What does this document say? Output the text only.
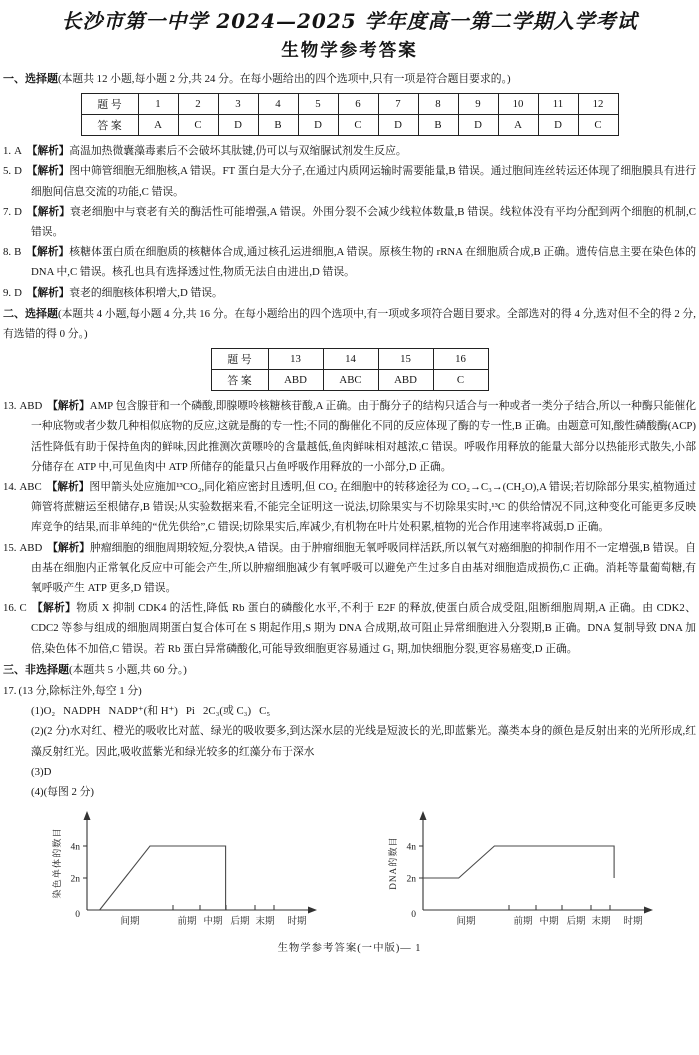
长沙市第一中学 2024—2025 学年度高一第二学期入学考试
生物学参考答案

一、选择题(本题共 12 小题,每小题 2 分,共 24 分。在每小题给出的四个选项中,只有一项是符合题目要求的。)

题 号	1	2	3	4	5	6	7	8	9	10	11	12
答 案	A	C	D	B	D	C	D	B	D	A	D	C

1. A 【解析】高温加热微囊藻毒素后不会破坏其肽键,仍可以与双缩脲试剂发生反应。

5. D 【解析】图中筛管细胞无细胞核,A 错误。FT 蛋白是大分子,在通过内质网运输时需要能量,B 错误。通过胞间连丝转运还体现了细胞膜具有进行细胞间信息交流的功能,C 错误。

7. D 【解析】衰老细胞中与衰老有关的酶活性可能增强,A 错误。外围分裂不会减少线粒体数量,B 错误。线粒体没有平均分配到两个细胞的机制,C 错误。

8. B 【解析】核糖体蛋白质在细胞质的核糖体合成,通过核孔运进细胞,A 错误。原核生物的 rRNA 在细胞质合成,B 正确。遗传信息主要在染色体的 DNA 中,C 错误。核孔也具有选择透过性,物质无法自由进出,D 错误。

9. D 【解析】衰老的细胞核体积增大,D 错误。

二、选择题(本题共 4 小题,每小题 4 分,共 16 分。在每小题给出的四个选项中,有一项或多项符合题目要求。全部选对的得 4 分,选对但不全的得 2 分,有选错的得 0 分。)

题 号	13	14	15	16
答 案	ABD	ABC	ABD	C

13. ABD 【解析】AMP 包含腺苷和一个磷酸,即腺嘌呤核糖核苷酸,A 正确。由于酶分子的结构只适合与一种或者一类分子结合,所以一种酶只能催化一种底物或者少数几种相似底物的反应,这就是酶的专一性;不同的酶催化不同的反应体现了酶的专一性,B 正确。由题意可知,酸性磷酸酶(ACP)活性降低有助于保持鱼肉的鲜味,因此推测次黄嘌呤的含量越低,鱼肉鲜味相对越浓,C 错误。呼吸作用释放的能量大部分以热能形式散失,小部分储存在 ATP 中,可见鱼肉中 ATP 所储存的能量只占鱼呼吸作用释放的一小部分,D 正确。

14. ABC 【解析】图甲箭头处应施加¹³CO₂,同化箱应密封且透明,但 CO₂ 在细胞中的转移途径为 CO₂→C₃→(CH₂O),A 错误;若切除部分果实,植物通过筛管将蔗糖运至根储存,B 错误;从实验数据来看,不能完全证明这一说法,切除果实与不切除果实时,¹³C 的供给情况不同,这种变化可能更多反映库竞争的结果,而非单纯的“优先供给”,C 错误;切除果实后,库减少,有机物在叶片处积累,植物的光合作用速率将减弱,D 正确。

15. ABD 【解析】肿瘤细胞的细胞周期较短,分裂快,A 错误。由于肿瘤细胞无氧呼吸同样活跃,所以氧气对癌细胞的抑制作用不一定增强,B 错误。自由基在细胞内正常氧化反应中可能会产生,所以肿瘤细胞减少有氧呼吸可以避免产生过多自由基对细胞造成损伤,C 正确。消耗等量葡萄糖,有氧呼吸产生 ATP 更多,D 错误。

16. C 【解析】物质 X 抑制 CDK4 的活性,降低 Rb 蛋白的磷酸化水平,不利于 E2F 的释放,使蛋白质合成受阻,阻断细胞周期,A 正确。由 CDK2、CDC2 等参与组成的细胞周期蛋白复合体可在 S 期起作用,S 期为 DNA 合成期,故可阻止异常细胞进入分裂期,B 正确。DNA 复制导致 DNA 加倍,染色体不加倍,C 错误。若 Rb 蛋白异常磷酸化,可能导致细胞更容易通过 G₁ 期,加快细胞分裂,更容易癌变,D 正确。

三、非选择题(本题共 5 小题,共 60 分。)

17. (13 分,除标注外,每空 1 分)

(1)O₂   NADPH   NADP⁺(和 H⁺)   Pi   2C₃(或 C₃)   C₅

(2)(2 分)水对红、橙光的吸收比对蓝、绿光的吸收要多,到达深水层的光线是短波长的光,即蓝紫光。藻类本身的颜色是反射出来的光所形成,红藻反射红光。因此,吸收蓝紫光和绿光较多的红藻分布于深水

(3)D

(4)(每图 2 分)

染色单体的数目 4n
2n
0
间期	前期 中期 后期 末期 时期
DNA的数目 4n
2n
0
间期	前期 中期 后期 末期 时期
生物学参考答案(一中版)— 1
